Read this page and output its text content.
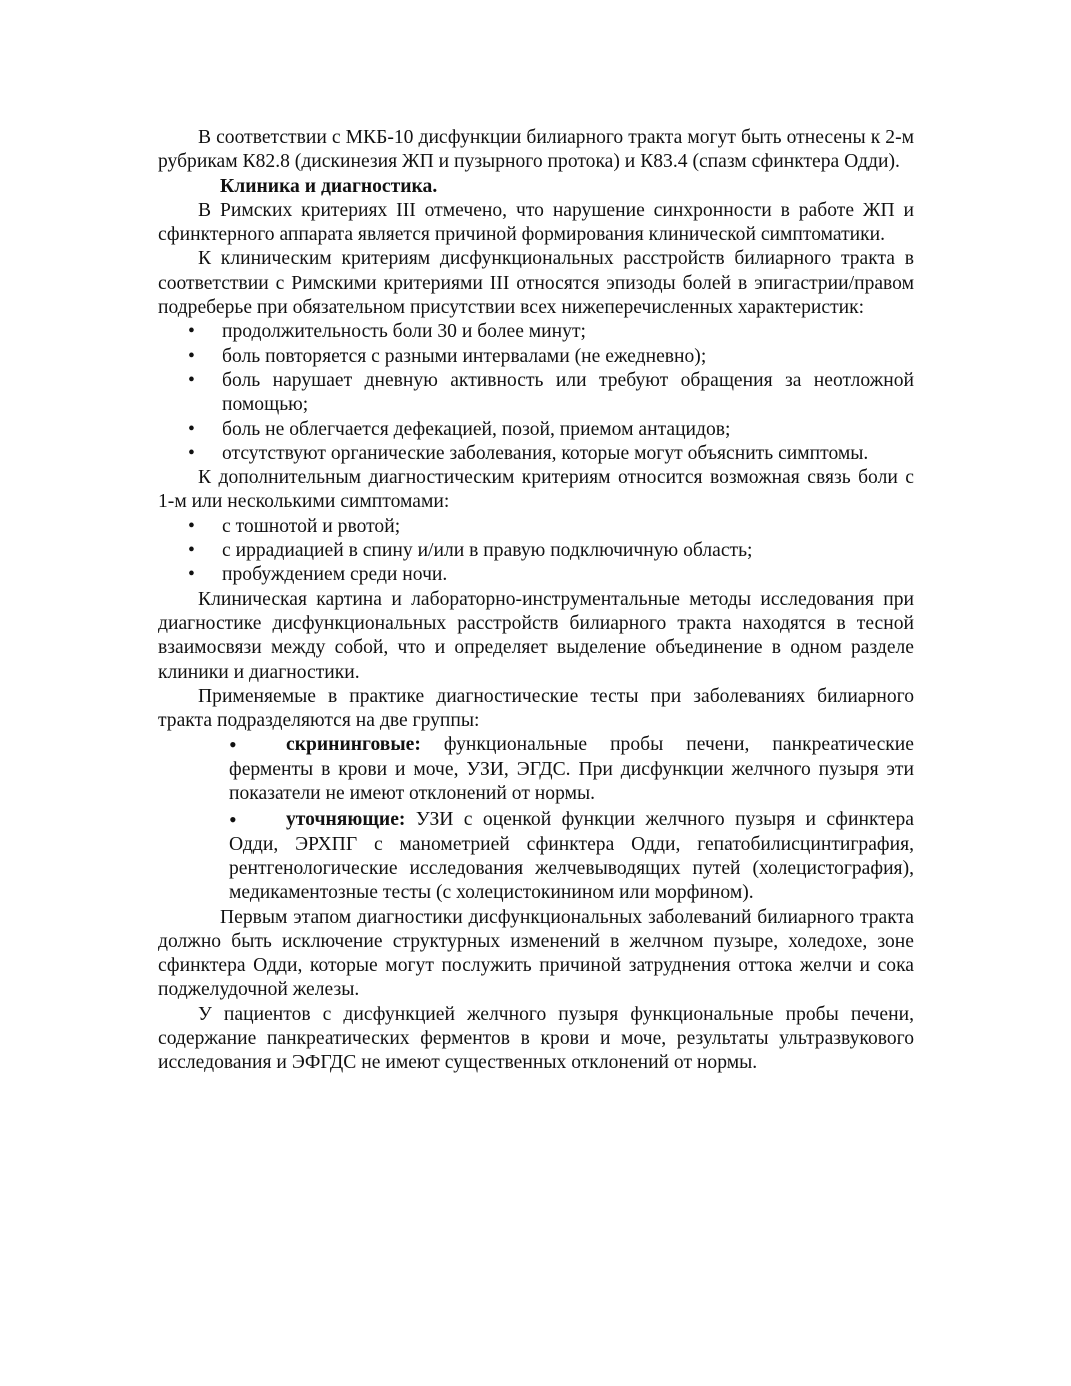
В соответствии с МКБ-10 дисфункции билиарного тракта могут быть отнесены к 2-м рубрикам К82.8 (дискинезия ЖП и пузырного протока) и К83.4 (спазм сфинктера Одди).

Клиника и диагностика.

В Римских критериях III отмечено, что нарушение синхронности в работе ЖП и сфинктерного аппарата является причиной формирования клинической симптоматики.

К клиническим критериям дисфункциональных расстройств билиарного тракта в соответствии с Римскими критериями III относятся эпизоды болей в эпигастрии/правом подреберье при обязательном присутствии всех нижеперечисленных характеристик:

• продолжительность боли 30 и более минут;
• боль повторяется с разными интервалами (не ежедневно);
• боль нарушает дневную активность или требуют обращения за неотложной помощью;
• боль не облегчается дефекацией, позой, приемом антацидов;
• отсутствуют органические заболевания, которые могут объяснить симптомы.

К дополнительным диагностическим критериям относится возможная связь боли с 1-м или несколькими симптомами:

• с тошнотой и рвотой;
• с иррадиацией в спину и/или в правую подключичную область;
• пробуждением среди ночи.

Клиническая картина и лабораторно-инструментальные методы исследования при диагностике дисфункциональных расстройств билиарного тракта находятся в тесной взаимосвязи между собой, что и определяет выделение объединение в одном разделе клиники и диагностики.

Применяемые в практике диагностические тесты при заболеваниях билиарного тракта подразделяются на две группы:

•	скрининговые: функциональные пробы печени, панкреатические ферменты в крови и моче, УЗИ, ЭГДС. При дисфункции желчного пузыря эти показатели не имеют отклонений от нормы.
•	уточняющие: УЗИ с оценкой функции желчного пузыря и сфинктера Одди, ЭРХПГ с манометрией сфинктера Одди, гепатобилисцинтиграфия, рентгенологические исследования желчевыводящих путей (холецистография), медикаментозные тесты (с холецистокинином или морфином).

Первым этапом диагностики дисфункциональных заболеваний билиарного тракта должно быть исключение структурных изменений в желчном пузыре, холедохе, зоне сфинктера Одди, которые могут послужить причиной затруднения оттока желчи и сока поджелудочной железы.

У пациентов с дисфункцией желчного пузыря функциональные пробы печени, содержание панкреатических ферментов в крови и моче, результаты ультразвукового исследования и ЭФГДС не имеют существенных отклонений от нормы.
